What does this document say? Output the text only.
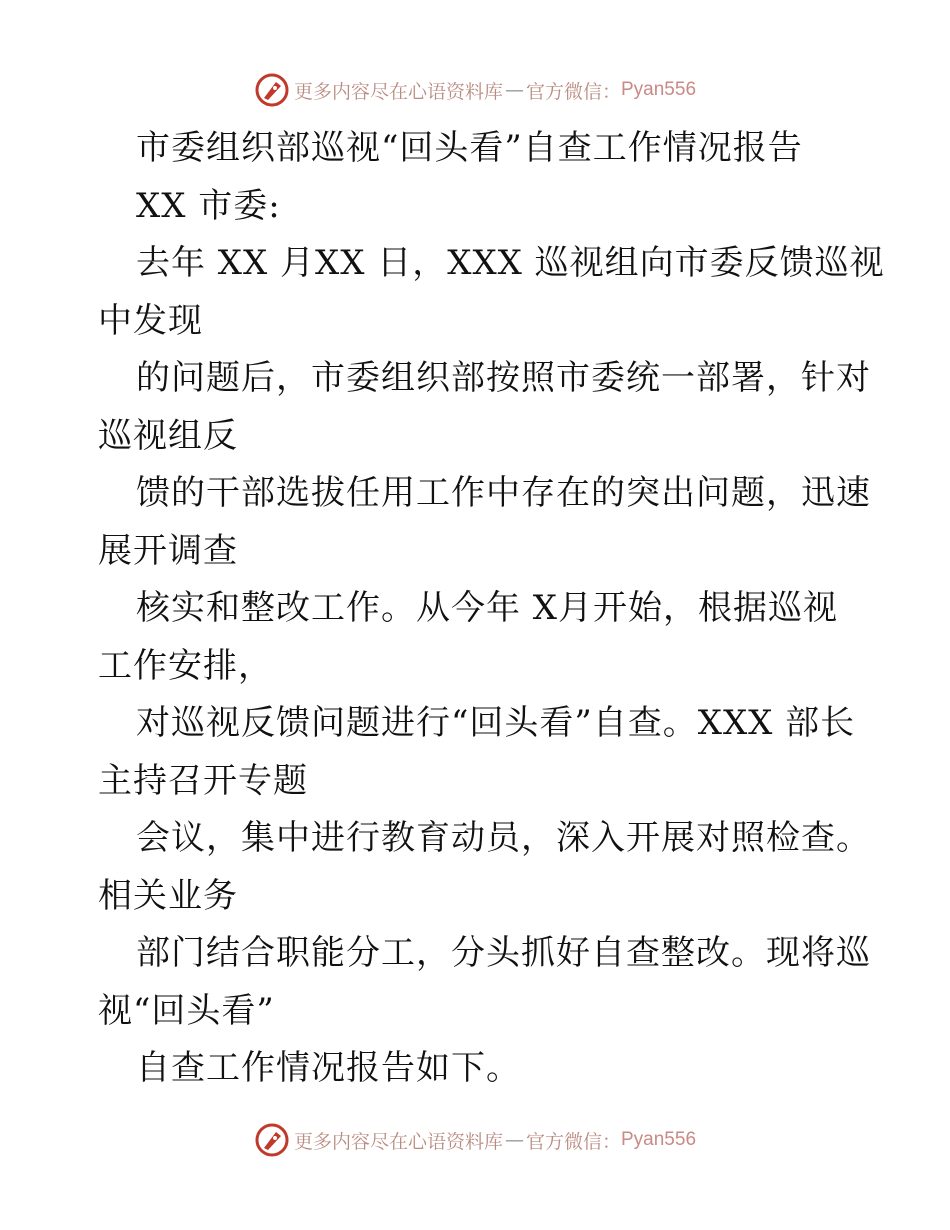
更多内容尽在心语资料库 — 官方微信： Pyan556
市委组织部巡视“回头看”自查工作情况报告
XX 市委:
去年 XX 月XX 日，XXX 巡视组向市委反馈巡视
中发现
的问题后，市委组织部按照市委统一部署，针对
巡视组反
馈的干部选拔任用工作中存在的突出问题，迅速
展开调查
核实和整改工作。从今年 X月开始，根据巡视
工作安排，
对巡视反馈问题进行“回头看”自查。XXX 部长
主持召开专题
会议，集中进行教育动员，深入开展对照检查。
相关业务
部门结合职能分工，分头抓好自查整改。现将巡
视“回头看”
自查工作情况报告如下。
更多内容尽在心语资料库 — 官方微信： Pyan556
